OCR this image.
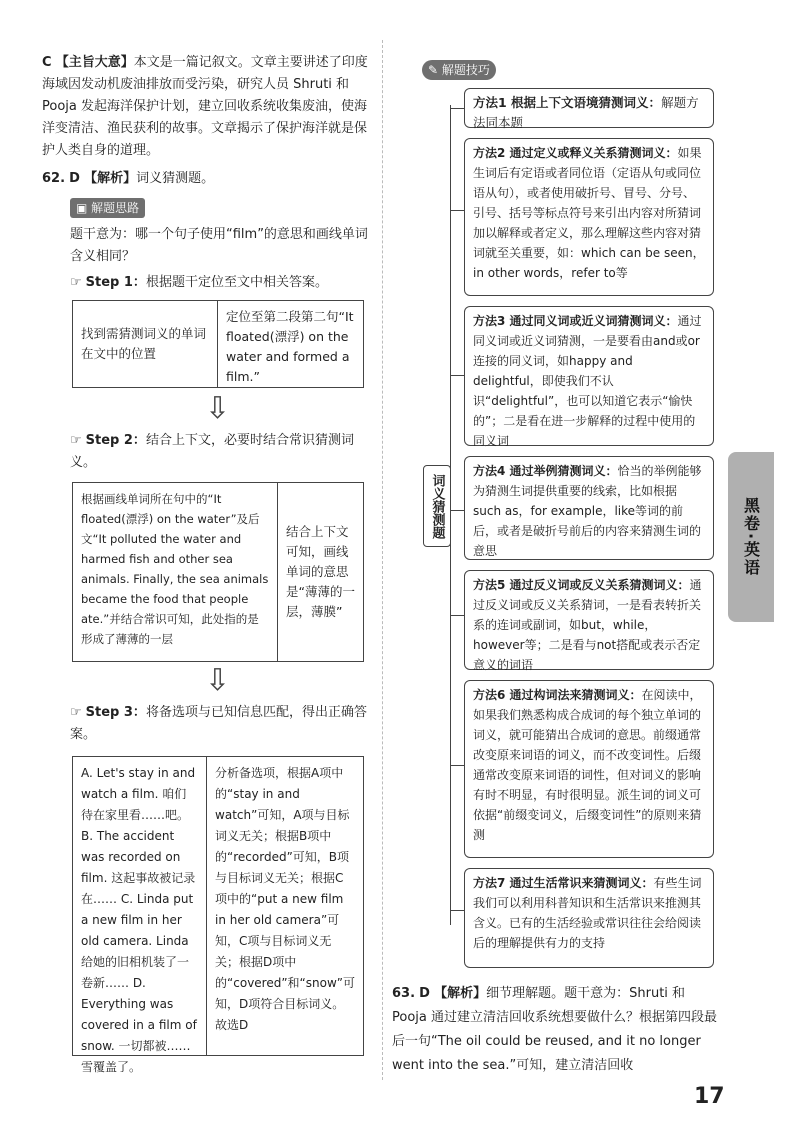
C 【主旨大意】本文是一篇记叙文。文章主要讲述了印度海域因发动机废油排放而受污染，研究人员 Shruti 和 Pooja 发起海洋保护计划，建立回收系统收集废油，使海洋变清洁、渔民获利的故事。文章揭示了保护海洋就是保护人类自身的道理。
62. D 【解析】词义猜测题。
▣ 解题思路
题干意为：哪一个句子使用“film”的意思和画线单词含义相同？
☞ Step 1：根据题干定位至文中相关答案。
找到需猜测词义的单词在文中的位置
定位至第二段第二句“It floated(漂浮) on the water and formed a film.”
⇩
☞ Step 2：结合上下文，必要时结合常识猜测词义。
根据画线单词所在句中的“It floated(漂浮) on the water”及后文“It polluted the water and harmed fish and other sea animals. Finally, the sea animals became the food that people ate.”并结合常识可知，此处指的是形成了薄薄的一层
结合上下文可知，画线单词的意思是“薄薄的一层，薄膜”
⇩
☞ Step 3：将备选项与已知信息匹配，得出正确答案。
A. Let's stay in and watch a film. 咱们待在家里看……吧。 B. The accident was recorded on film. 这起事故被记录在…… C. Linda put a new film in her old camera. Linda给她的旧相机装了一卷新…… D. Everything was covered in a film of snow. 一切都被……雪覆盖了。
分析备选项，根据A项中的“stay in and watch”可知，A项与目标词义无关；根据B项中的“recorded”可知，B项与目标词义无关；根据C项中的“put a new film in her old camera”可知，C项与目标词义无关；根据D项中的“covered”和“snow”可知，D项符合目标词义。故选D
✎ 解题技巧
词义猜测题
方法1 根据上下文语境猜测词义：解题方法同本题
方法2 通过定义或释义关系猜测词义：如果生词后有定语或者同位语（定语从句或同位语从句），或者使用破折号、冒号、分号、引号、括号等标点符号来引出内容对所猜词加以解释或者定义，那么理解这些内容对猜词就至关重要，如：which can be seen，in other words，refer to等
方法3 通过同义词或近义词猜测词义：通过同义词或近义词猜测，一是要看由and或or连接的同义词，如happy and delightful，即使我们不认识“delightful”，也可以知道它表示“愉快的”；二是看在进一步解释的过程中使用的同义词
方法4 通过举例猜测词义：恰当的举例能够为猜测生词提供重要的线索，比如根据such as，for example，like等词的前后，或者是破折号前后的内容来猜测生词的意思
方法5 通过反义词或反义关系猜测词义：通过反义词或反义关系猜词，一是看表转折关系的连词或副词，如but，while，however等；二是看与not搭配或表示否定意义的词语
方法6 通过构词法来猜测词义：在阅读中，如果我们熟悉构成合成词的每个独立单词的词义，就可能猜出合成词的意思。前缀通常改变原来词语的词义，而不改变词性。后缀通常改变原来词语的词性，但对词义的影响有时不明显，有时很明显。派生词的词义可依据“前缀变词义，后缀变词性”的原则来猜测
方法7 通过生活常识来猜测词义：有些生词我们可以利用科普知识和生活常识来推测其含义。已有的生活经验或常识往往会给阅读后的理解提供有力的支持
黑卷·英语
63. D 【解析】细节理解题。题干意为：Shruti 和 Pooja 通过建立清洁回收系统想要做什么？根据第四段最后一句“The oil could be reused, and it no longer went into the sea.”可知，建立清洁回收
17
